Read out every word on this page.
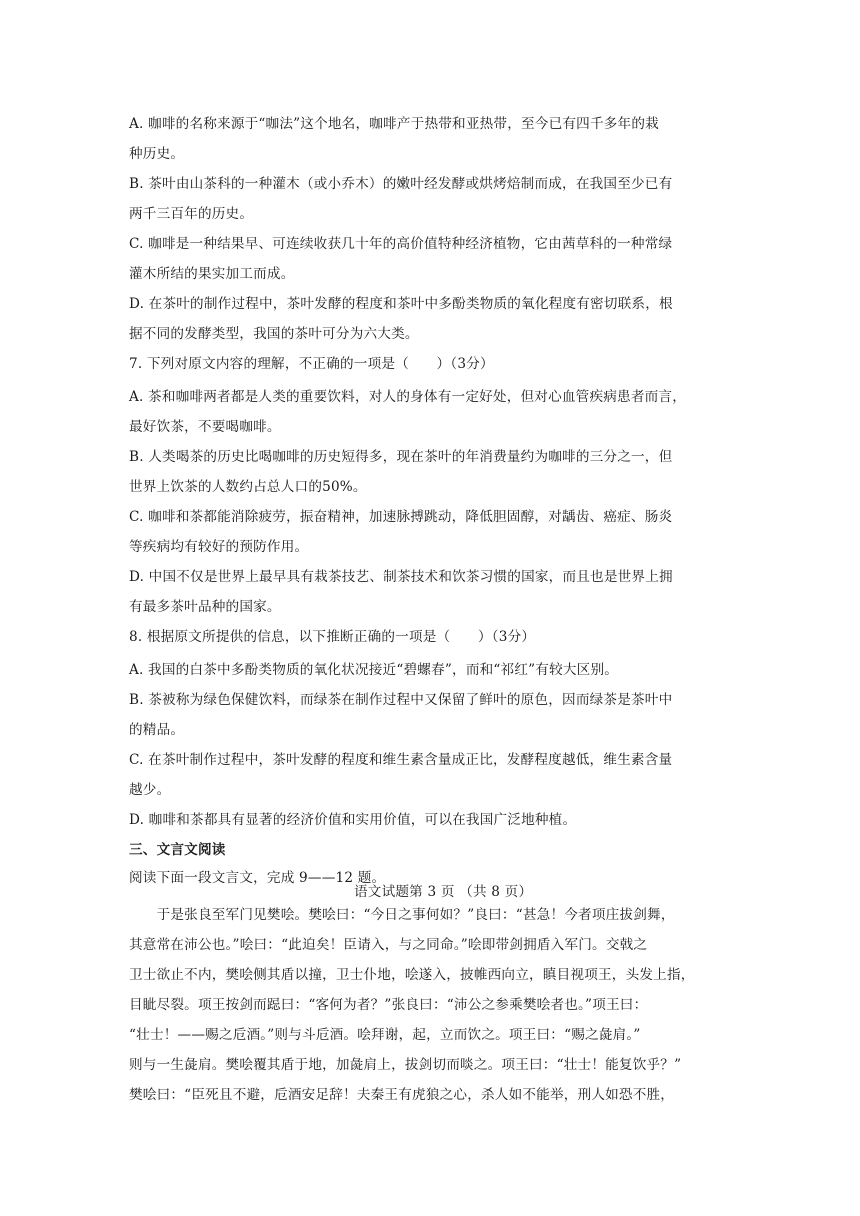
A. 咖啡的名称来源于“咖法”这个地名，咖啡产于热带和亚热带，至今已有四千多年的栽
种历史。
B. 茶叶由山茶科的一种灌木（或小乔木）的嫩叶经发酵或烘烤焙制而成，在我国至少已有
两千三百年的历史。
C. 咖啡是一种结果早、可连续收获几十年的高价值特种经济植物，它由茜草科的一种常绿
灌木所结的果实加工而成。
D. 在茶叶的制作过程中，茶叶发酵的程度和茶叶中多酚类物质的氧化程度有密切联系，根
据不同的发酵类型，我国的茶叶可分为六大类。
7. 下列对原文内容的理解，不正确的一项是（　　）（3分）
A. 茶和咖啡两者都是人类的重要饮料，对人的身体有一定好处，但对心血管疾病患者而言，
最好饮茶，不要喝咖啡。
B. 人类喝茶的历史比喝咖啡的历史短得多，现在茶叶的年消费量约为咖啡的三分之一，但
世界上饮茶的人数约占总人口的50%。
C. 咖啡和茶都能消除疲劳，振奋精神，加速脉搏跳动，降低胆固醇，对龋齿、癌症、肠炎
等疾病均有较好的预防作用。
D. 中国不仅是世界上最早具有栽茶技艺、制茶技术和饮茶习惯的国家，而且也是世界上拥
有最多茶叶品种的国家。
8. 根据原文所提供的信息，以下推断正确的一项是（　　）（3分）
A. 我国的白茶中多酚类物质的氧化状况接近“碧螺春”，而和“祁红”有较大区别。
B. 茶被称为绿色保健饮料，而绿茶在制作过程中又保留了鲜叶的原色，因而绿茶是茶叶中
的精品。
C. 在茶叶制作过程中，茶叶发酵的程度和维生素含量成正比，发酵程度越低，维生素含量
越少。
D. 咖啡和茶都具有显著的经济价值和实用价值，可以在我国广泛地种植。
三、文言文阅读
阅读下面一段文言文，完成 9——12 题。
　　于是张良至军门见樊哙。樊哙曰：“今日之事何如？”良曰：“甚急！今者项庄拔剑舞，
其意常在沛公也。”哙曰：“此迫矣！臣请入，与之同命。”哙即带剑拥盾入军门。交戟之
卫士欲止不内，樊哙侧其盾以撞，卫士仆地，哙遂入，披帷西向立，瞋目视项王，头发上指，
目眦尽裂。项王按剑而跽曰：“客何为者？”张良曰：“沛公之参乘樊哙者也。”项王曰：
“壮士！——赐之卮酒。”则与斗卮酒。哙拜谢，起，立而饮之。项王曰：“赐之彘肩。”
则与一生彘肩。樊哙覆其盾于地，加彘肩上，拔剑切而啖之。项王曰：“壮士！能复饮乎？”
樊哙曰：“臣死且不避，卮酒安足辞！夫秦王有虎狼之心，杀人如不能举，刑人如恐不胜，
语文试题第 3 页 （共 8 页）
